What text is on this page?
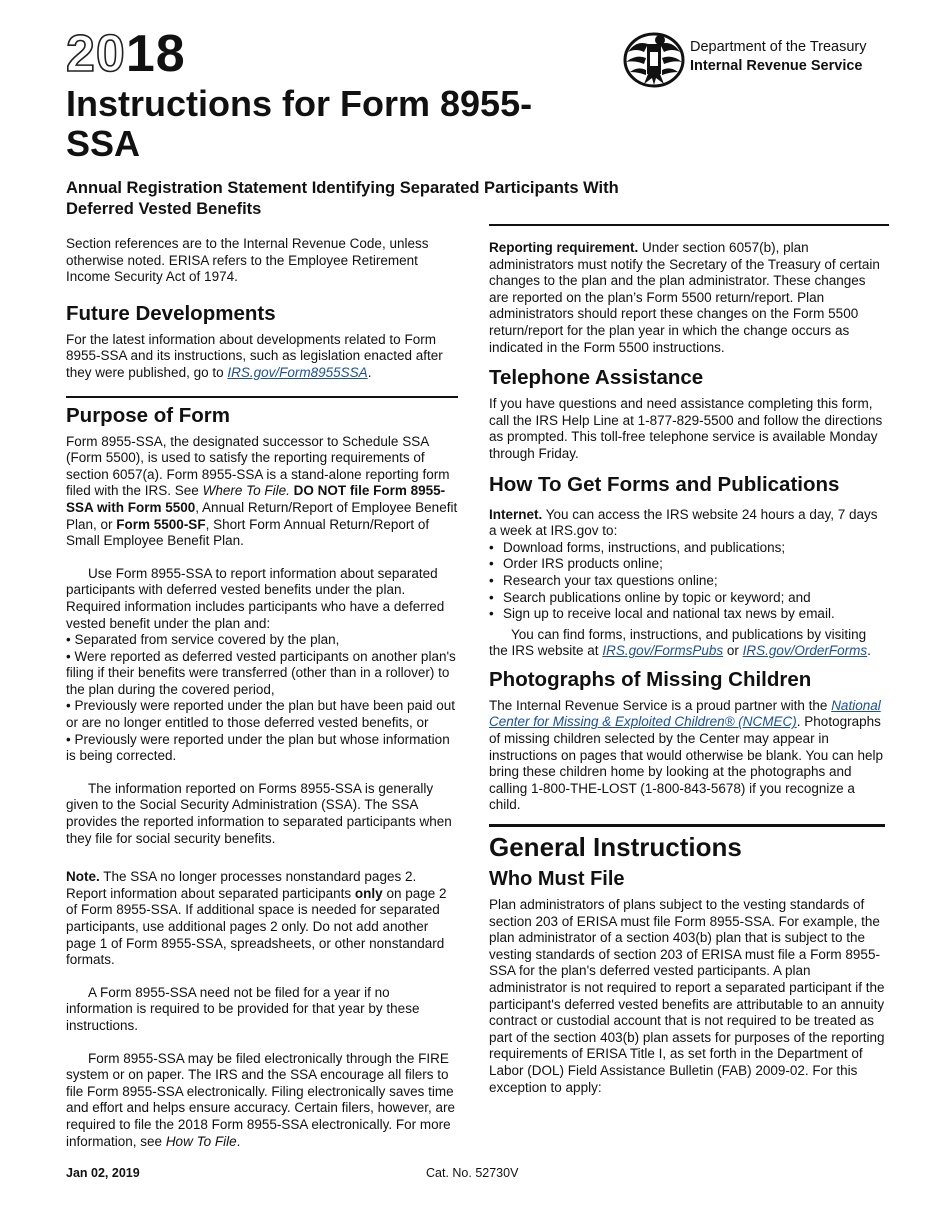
2018
Instructions for Form 8955-SSA
Annual Registration Statement Identifying Separated Participants With Deferred Vested Benefits
Department of the Treasury
Internal Revenue Service

Section references are to the Internal Revenue Code, unless otherwise noted. ERISA refers to the Employee Retirement Income Security Act of 1974.

Future Developments

For the latest information about developments related to Form 8955-SSA and its instructions, such as legislation enacted after they were published, go to IRS.gov/Form8955SSA.

Purpose of Form

Form 8955-SSA, the designated successor to Schedule SSA (Form 5500), is used to satisfy the reporting requirements of section 6057(a). Form 8955-SSA is a stand-alone reporting form filed with the IRS. See Where To File. DO NOT file Form 8955-SSA with Form 5500, Annual Return/Report of Employee Benefit Plan, or Form 5500-SF, Short Form Annual Return/Report of Small Employee Benefit Plan.

Use Form 8955-SSA to report information about separated participants with deferred vested benefits under the plan. Required information includes participants who have a deferred vested benefit under the plan and:

• Separated from service covered by the plan,
• Were reported as deferred vested participants on another plan's filing if their benefits were transferred (other than in a rollover) to the plan during the covered period,
• Previously were reported under the plan but have been paid out or are no longer entitled to those deferred vested benefits, or
• Previously were reported under the plan but whose information is being corrected.

The information reported on Forms 8955-SSA is generally given to the Social Security Administration (SSA). The SSA provides the reported information to separated participants when they file for social security benefits.

Note. The SSA no longer processes nonstandard pages 2. Report information about separated participants only on page 2 of Form 8955-SSA. If additional space is needed for separated participants, use additional pages 2 only. Do not add another page 1 of Form 8955-SSA, spreadsheets, or other nonstandard formats.

A Form 8955-SSA need not be filed for a year if no information is required to be provided for that year by these instructions.

Form 8955-SSA may be filed electronically through the FIRE system or on paper. The IRS and the SSA encourage all filers to file Form 8955-SSA electronically. Filing electronically saves time and effort and helps ensure accuracy. Certain filers, however, are required to file the 2018 Form 8955-SSA electronically. For more information, see How To File.

Reporting requirement. Under section 6057(b), plan administrators must notify the Secretary of the Treasury of certain changes to the plan and the plan administrator. These changes are reported on the plan’s Form 5500 return/report. Plan administrators should report these changes on the Form 5500 return/report for the plan year in which the change occurs as indicated in the Form 5500 instructions.

Telephone Assistance

If you have questions and need assistance completing this form, call the IRS Help Line at 1-877-829-5500 and follow the directions as prompted. This toll-free telephone service is available Monday through Friday.

How To Get Forms and Publications

Internet. You can access the IRS website 24 hours a day, 7 days a week at IRS.gov to:

• Download forms, instructions, and publications;
• Order IRS products online;
• Research your tax questions online;
• Search publications online by topic or keyword; and
• Sign up to receive local and national tax news by email.

You can find forms, instructions, and publications by visiting the IRS website at IRS.gov/FormsPubs or IRS.gov/OrderForms.

Photographs of Missing Children

The Internal Revenue Service is a proud partner with the National Center for Missing & Exploited Children® (NCMEC). Photographs of missing children selected by the Center may appear in instructions on pages that would otherwise be blank. You can help bring these children home by looking at the photographs and calling 1-800-THE-LOST (1-800-843-5678) if you recognize a child.

General Instructions
Who Must File

Plan administrators of plans subject to the vesting standards of section 203 of ERISA must file Form 8955-SSA. For example, the plan administrator of a section 403(b) plan that is subject to the vesting standards of section 203 of ERISA must file a Form 8955-SSA for the plan's deferred vested participants. A plan administrator is not required to report a separated participant if the participant's deferred vested benefits are attributable to an annuity contract or custodial account that is not required to be treated as part of the section 403(b) plan assets for purposes of the reporting requirements of ERISA Title I, as set forth in the Department of Labor (DOL) Field Assistance Bulletin (FAB) 2009-02. For this exception to apply:

Jan 02, 2019	Cat. No. 52730V
